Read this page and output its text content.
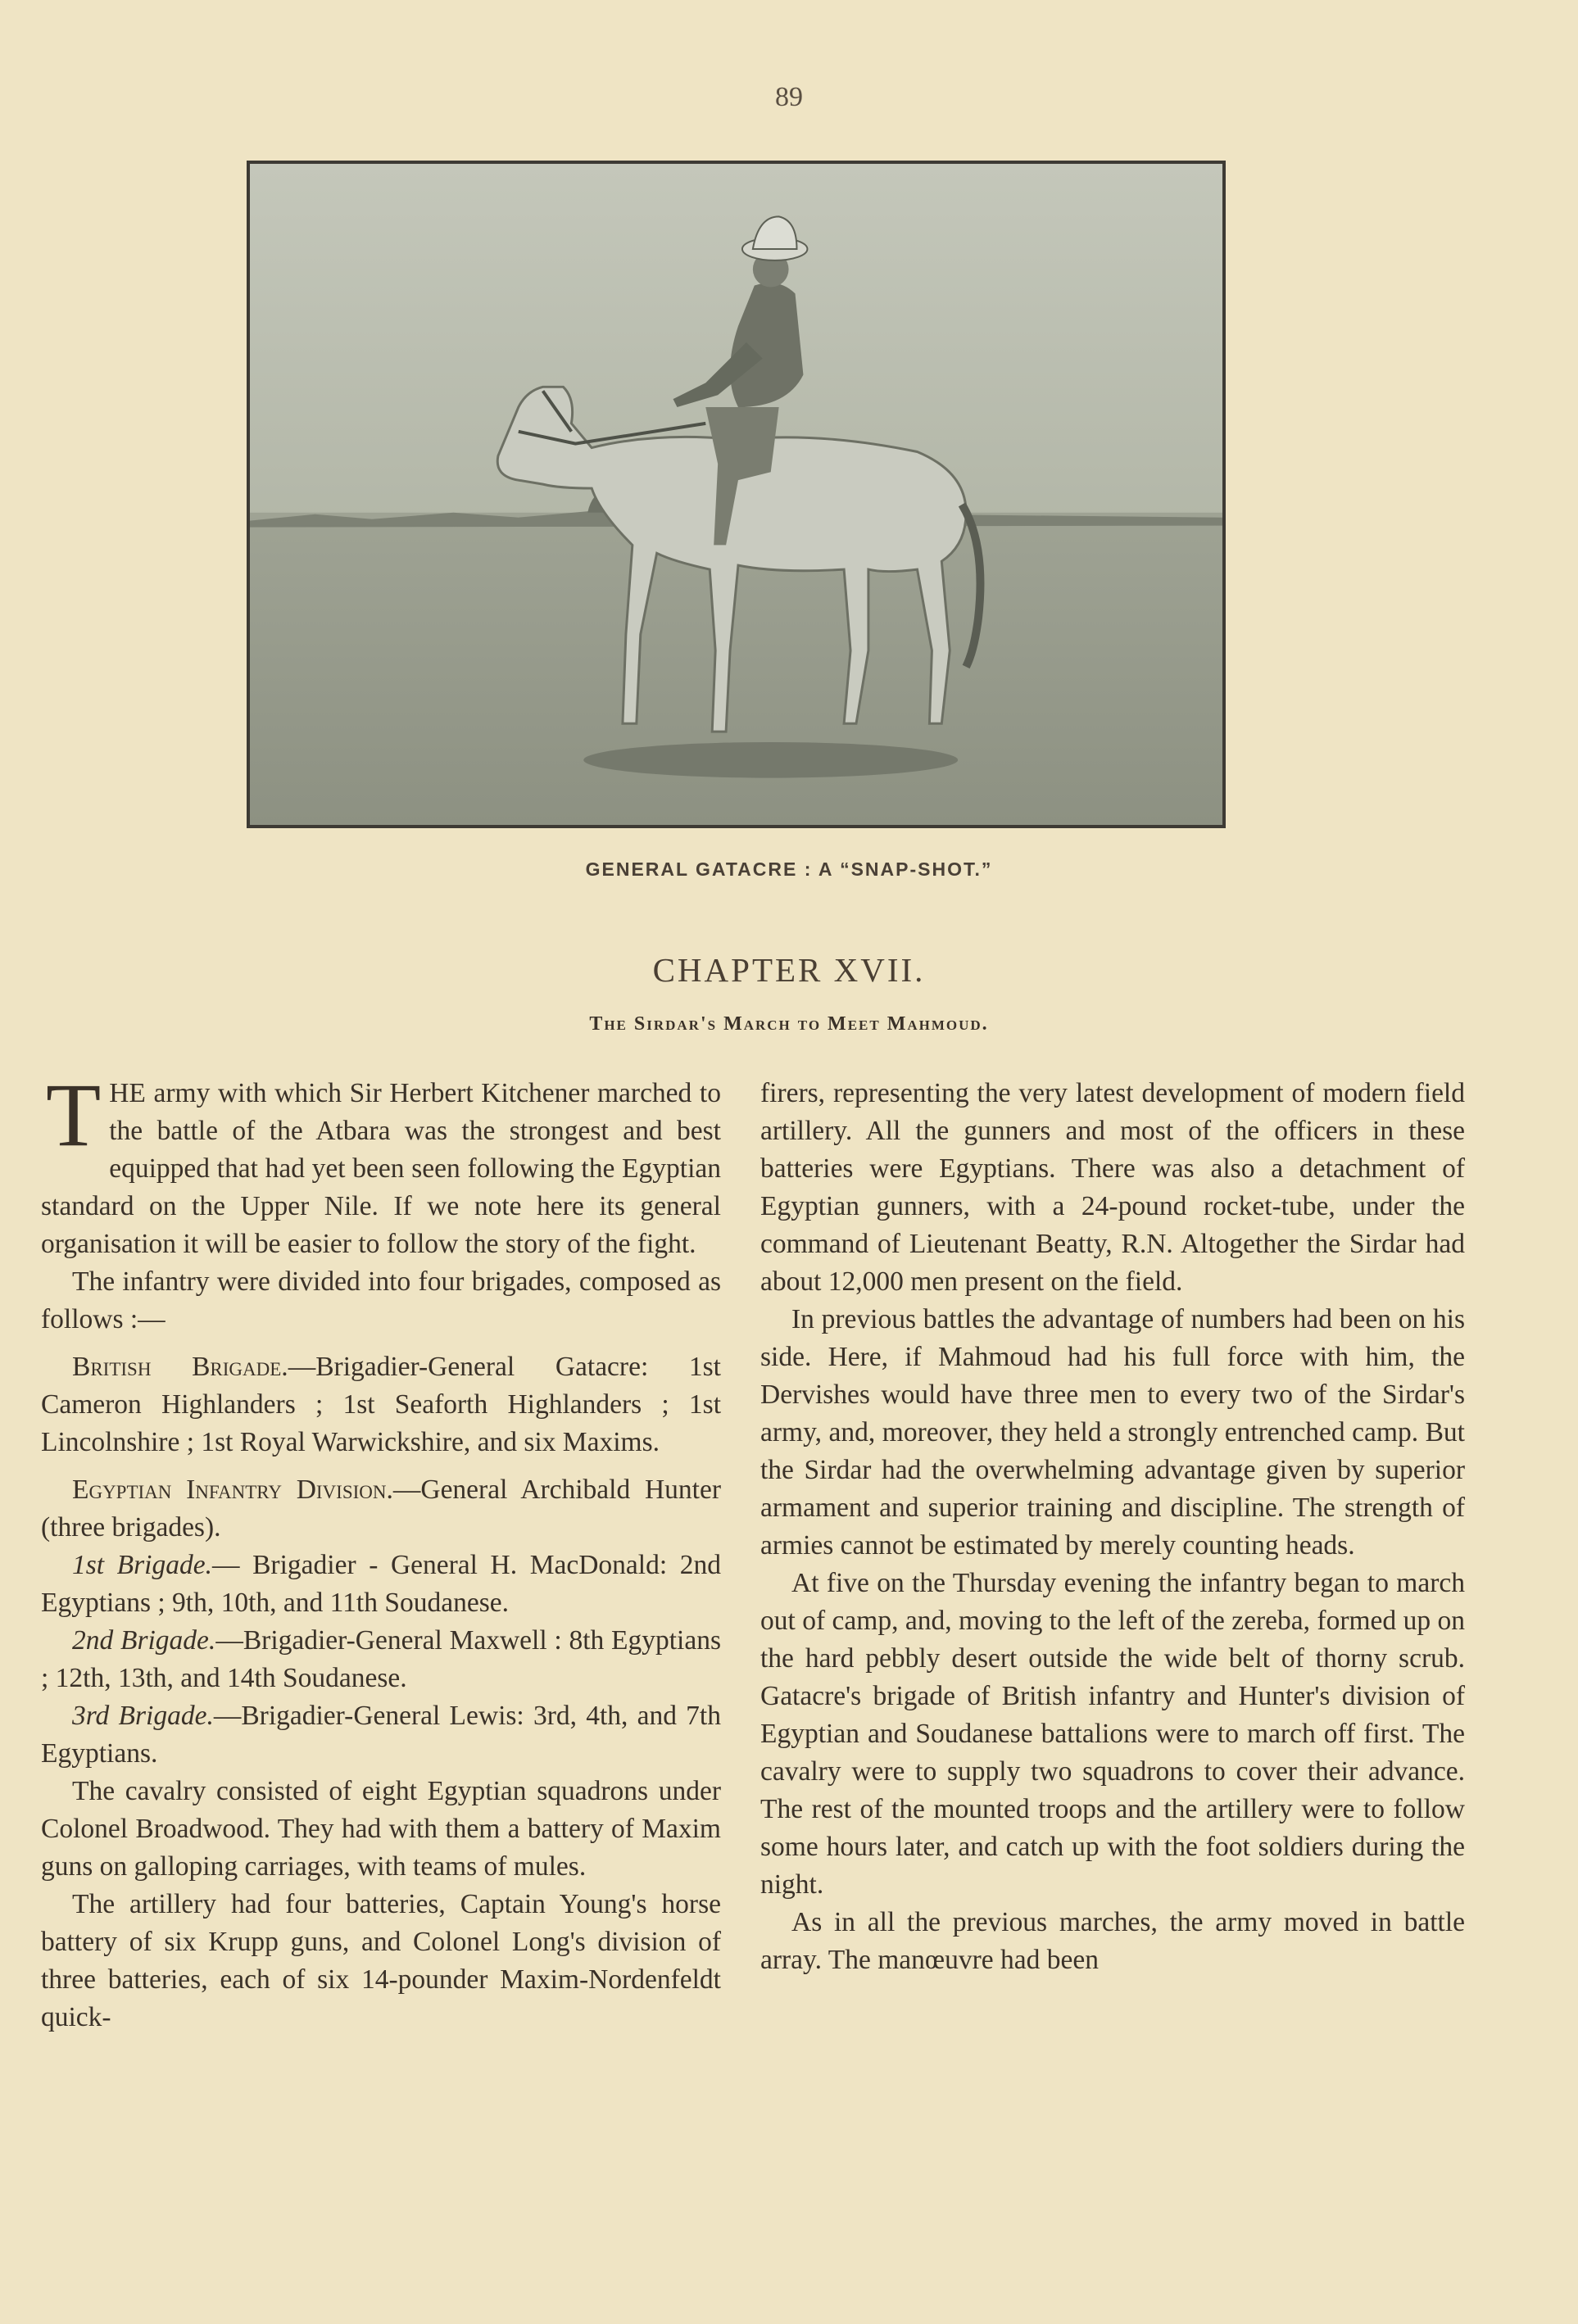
89
GENERAL GATACRE : A “SNAP-SHOT.”
CHAPTER XVII.
The Sirdar's March to Meet Mahmoud.

THE army with which Sir Herbert Kitchener marched to the battle of the Atbara was the strongest and best equipped that had yet been seen following the Egyptian standard on the Upper Nile. If we note here its general organisation it will be easier to follow the story of the fight.

The infantry were divided into four brigades, composed as follows :—

British Brigade.—Brigadier-General Gatacre: 1st Cameron Highlanders ; 1st Seaforth Highlanders ; 1st Lincolnshire ; 1st Royal Warwickshire, and six Maxims.

Egyptian Infantry Division.—General Archibald Hunter (three brigades).

1st Brigade.— Brigadier - General H. MacDonald: 2nd Egyptians ; 9th, 10th, and 11th Soudanese.

2nd Brigade.—Brigadier-General Maxwell : 8th Egyptians ; 12th, 13th, and 14th Soudanese.

3rd Brigade.—Brigadier-General Lewis: 3rd, 4th, and 7th Egyptians.

The cavalry consisted of eight Egyptian squadrons under Colonel Broadwood. They had with them a battery of Maxim guns on galloping carriages, with teams of mules.

The artillery had four batteries, Captain Young's horse battery of six Krupp guns, and Colonel Long's division of three batteries, each of six 14-pounder Maxim-Nordenfeldt quick-

firers, representing the very latest development of modern field artillery. All the gunners and most of the officers in these batteries were Egyptians. There was also a detachment of Egyptian gunners, with a 24-pound rocket-tube, under the command of Lieutenant Beatty, R.N. Altogether the Sirdar had about 12,000 men present on the field.

In previous battles the advantage of numbers had been on his side. Here, if Mahmoud had his full force with him, the Dervishes would have three men to every two of the Sirdar's army, and, moreover, they held a strongly entrenched camp. But the Sirdar had the overwhelming advantage given by superior armament and superior training and discipline. The strength of armies cannot be estimated by merely counting heads.

At five on the Thursday evening the infantry began to march out of camp, and, moving to the left of the zereba, formed up on the hard pebbly desert outside the wide belt of thorny scrub. Gatacre's brigade of British infantry and Hunter's division of Egyptian and Soudanese battalions were to march off first. The cavalry were to supply two squadrons to cover their advance. The rest of the mounted troops and the artillery were to follow some hours later, and catch up with the foot soldiers during the night.

As in all the previous marches, the army moved in battle array. The manœuvre had been
